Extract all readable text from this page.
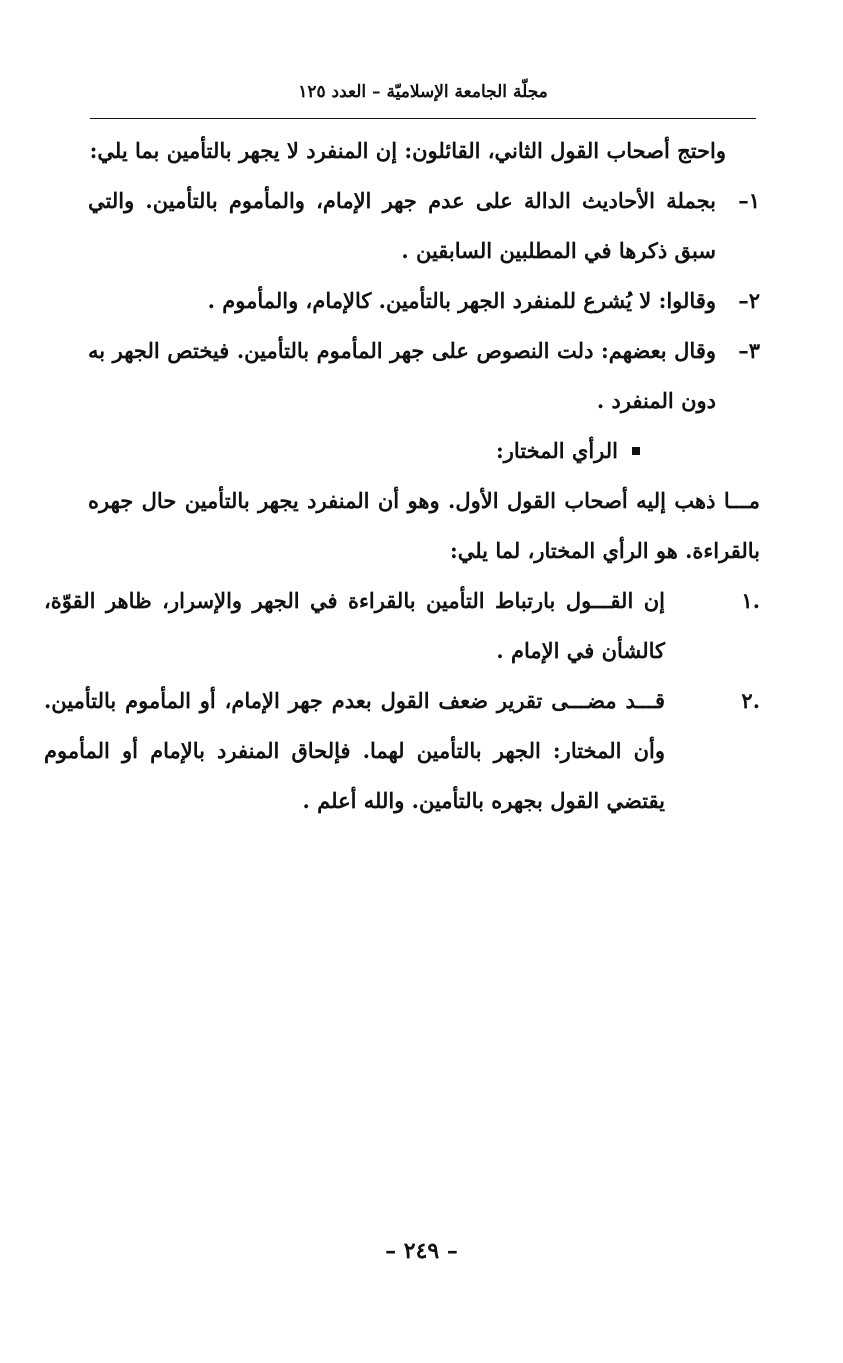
مجلّة الجامعة الإسلاميّة – العدد ١٢٥

واحتج أصحاب القول الثاني، القائلون: إن المنفرد لا يجهر بالتأمين بما يلي:

١–
بجملة الأحاديث الدالة على عدم جهر الإمام، والمأموم بالتأمين. والتي سبق ذكرها في المطلبين السابقين .
٢–
وقالوا: لا يُشرع للمنفرد الجهر بالتأمين. كالإمام، والمأموم .
٣–
وقال بعضهم: دلت النصوص على جهر المأموم بالتأمين. فيختص الجهر به دون المنفرد .
الرأي المختار:

مـــا ذهب إليه أصحاب القول الأول. وهو أن المنفرد يجهر بالتأمين حال جهره بالقراءة. هو الرأي المختار، لما يلي:

.١
إن القـــول بارتباط التأمين بالقراءة في الجهر والإسرار، ظاهر القوّة، كالشأن في الإمام .
.٢
قـــد مضـــى تقرير ضعف القول بعدم جهر الإمام، أو المأموم بالتأمين. وأن المختار: الجهر بالتأمين لهما. فإلحاق المنفرد بالإمام أو المأموم يقتضي القول بجهره بالتأمين. والله أعلم .
– ٢٤٩ –
